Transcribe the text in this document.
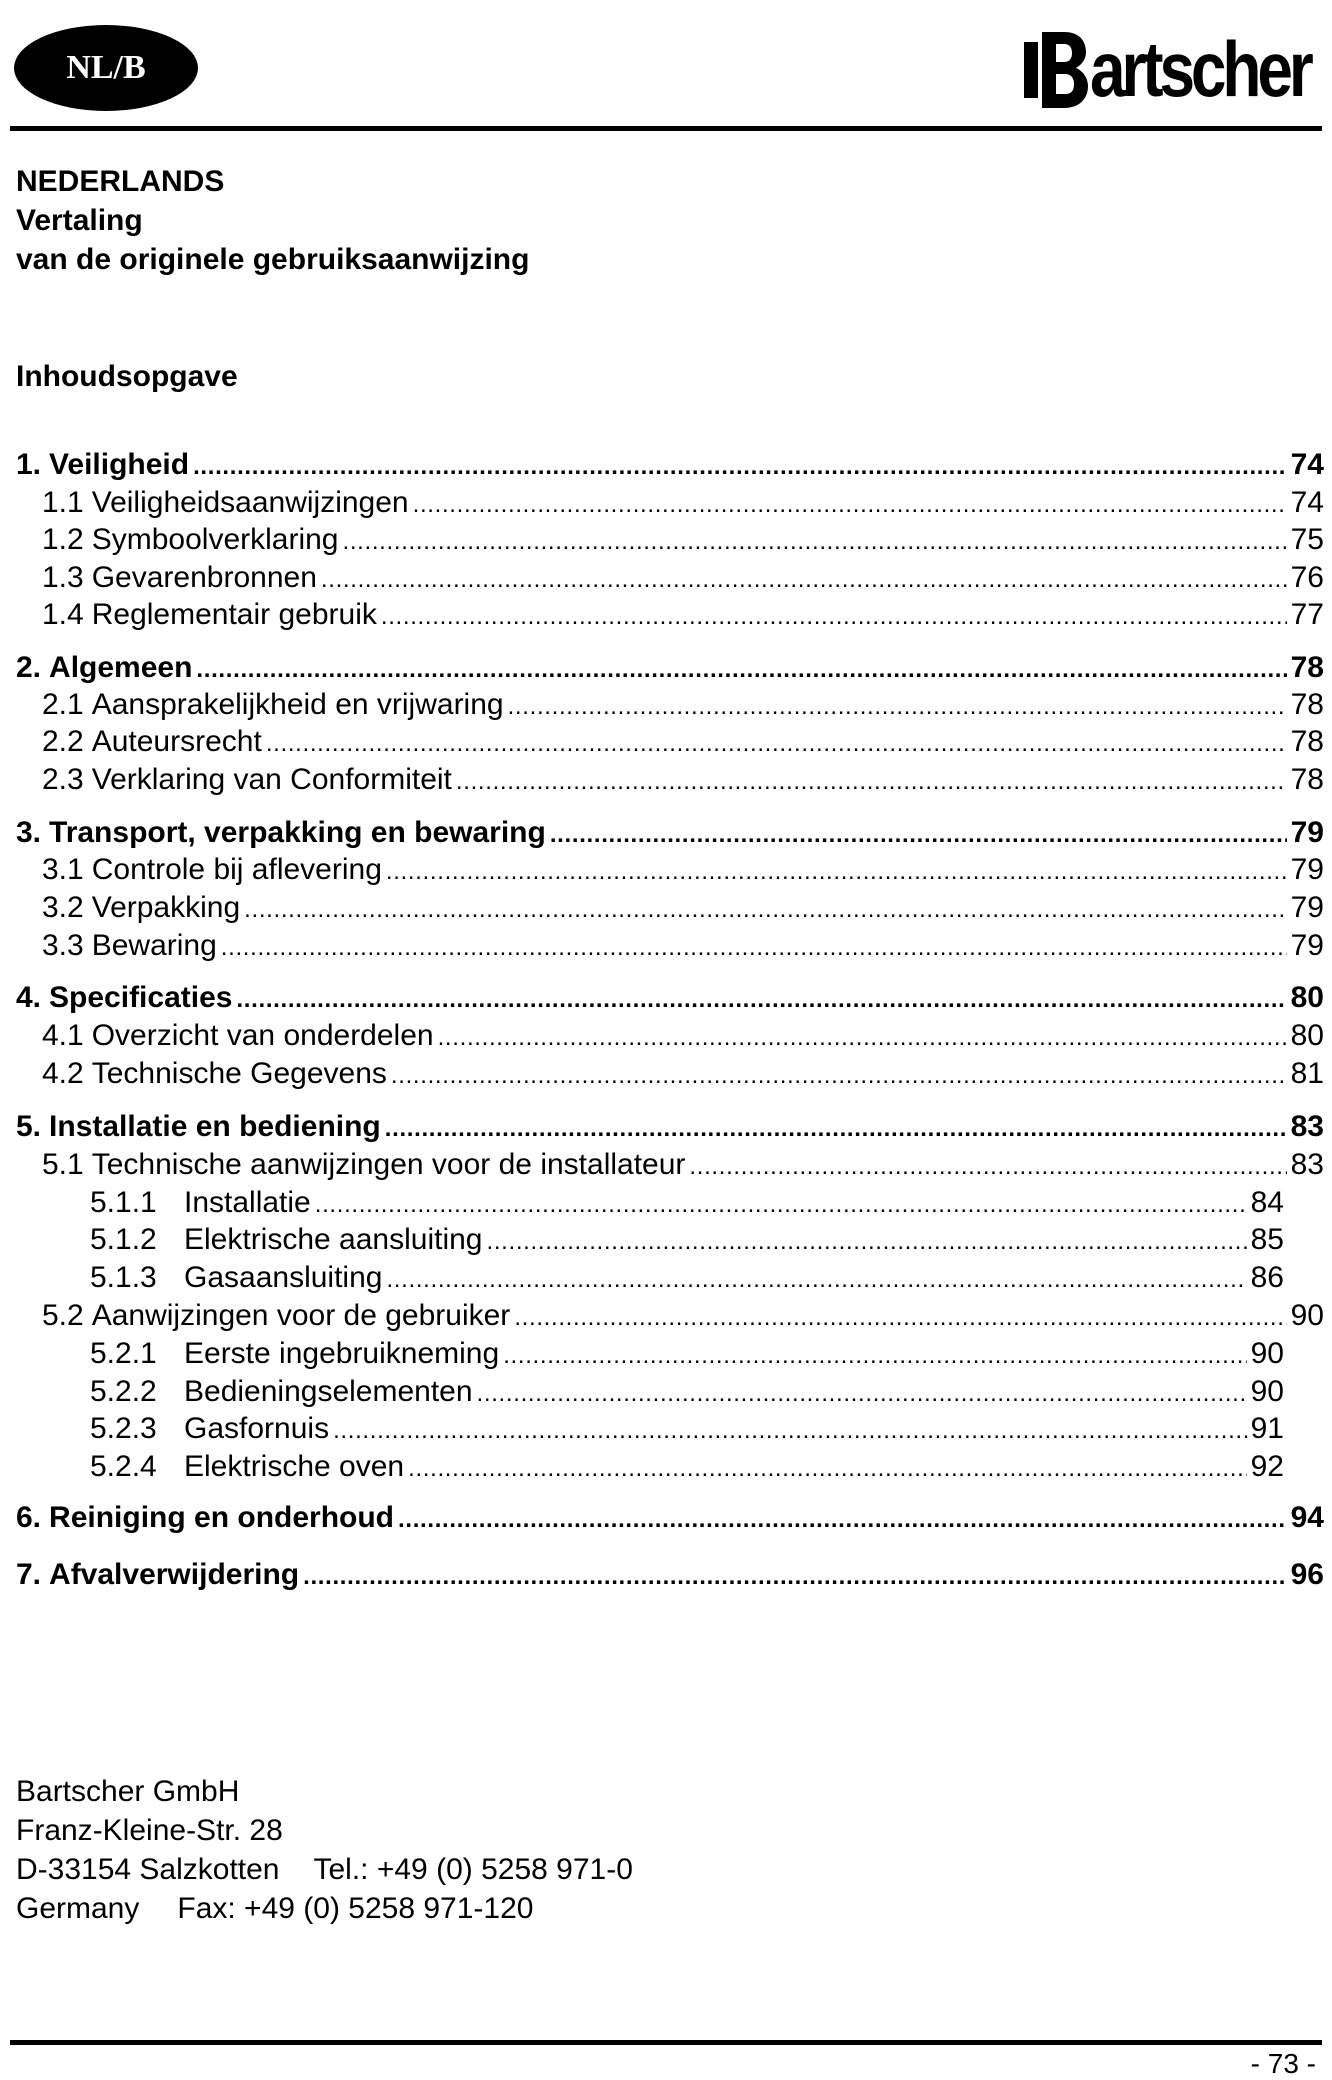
NL/B	artscher
NEDERLANDS
Vertaling
van de originele gebruiksaanwijzing
Inhoudsopgave
1. Veiligheid . . .	74
1.1 Veiligheidsaanwijzingen . . .	74
1.2 Symboolverklaring . . .	75
1.3 Gevarenbronnen . . .	76
1.4 Reglementair gebruik . . .	77
2. Algemeen . . .	78
2.1 Aansprakelijkheid en vrijwaring . . .	78
2.2 Auteursrecht . . .	78
2.3 Verklaring van Conformiteit . . .	78
3. Transport, verpakking en bewaring . . .	79
3.1 Controle bij aflevering . . .	79
3.2 Verpakking . . .	79
3.3 Bewaring . . .	79
4. Specificaties . . .	80
4.1 Overzicht van onderdelen . . .	80
4.2 Technische Gegevens . . .	81
5. Installatie en bediening . . .	83
5.1 Technische aanwijzingen voor de installateur . . .	83
5.1.1 Installatie . . .	84
5.1.2 Elektrische aansluiting . . .	85
5.1.3 Gasaansluiting . . .	86
5.2 Aanwijzingen voor de gebruiker . . .	90
5.2.1 Eerste ingebruikneming . . .	90
5.2.2 Bedieningselementen . . .	90
5.2.3 Gasfornuis . . .	91
5.2.4 Elektrische oven . . .	92
6. Reiniging en onderhoud . . .	94
7. Afvalverwijdering . . .	96
Bartscher GmbH
Franz-Kleine-Str. 28
D-33154 Salzkotten Tel.: +49 (0) 5258 971-0
Germany Fax: +49 (0) 5258 971-120
- 73 -
